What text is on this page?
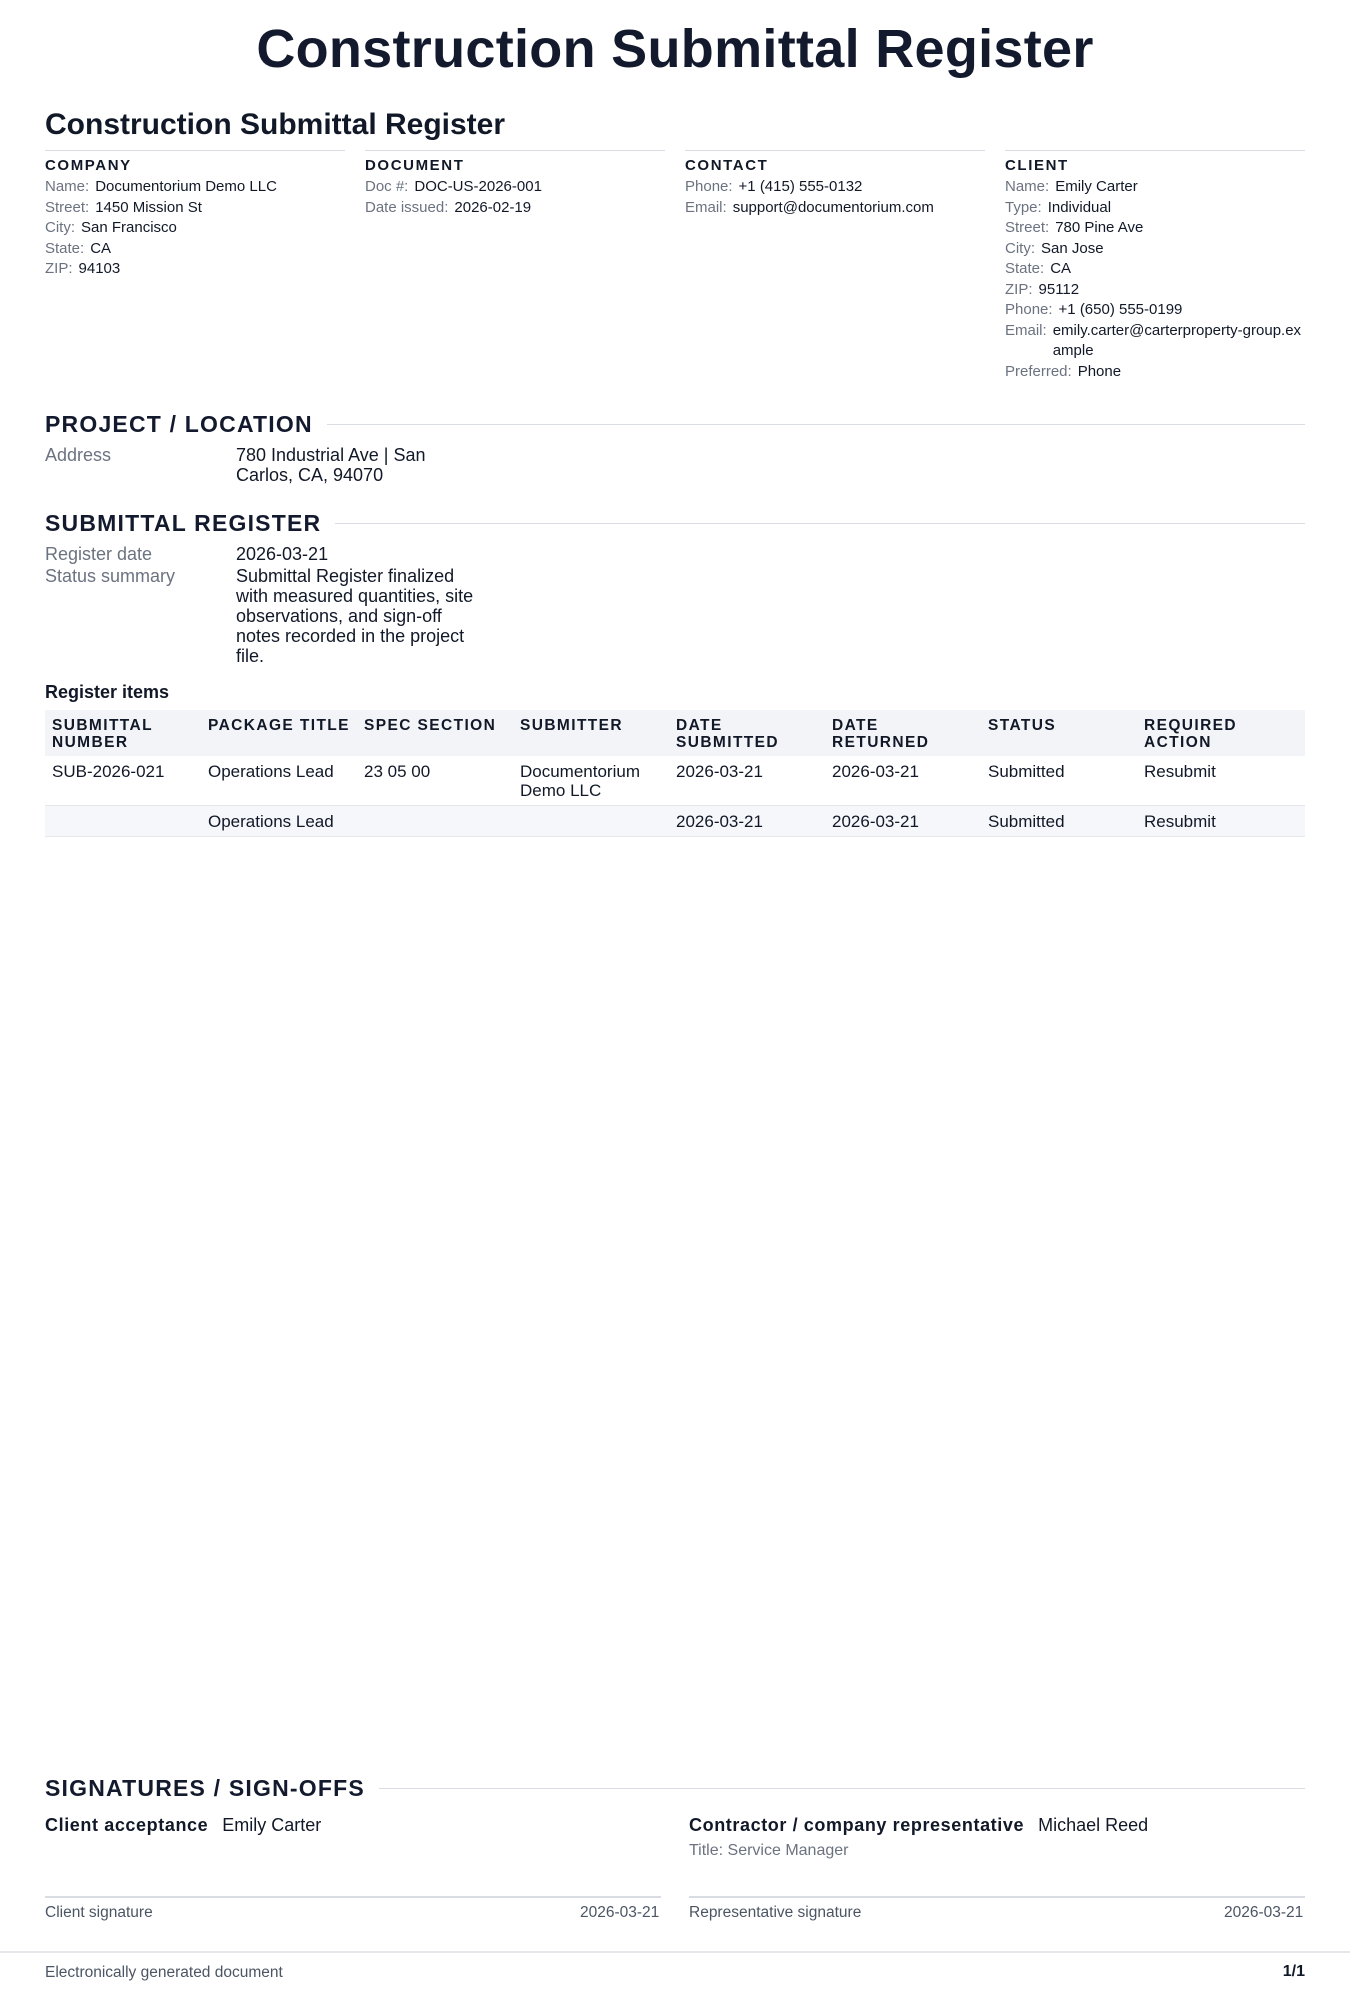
Construction Submittal Register
Construction Submittal Register
COMPANY
Name: Documentorium Demo LLC
Street: 1450 Mission St
City: San Francisco
State: CA
ZIP: 94103
DOCUMENT
Doc #: DOC-US-2026-001
Date issued: 2026-02-19
CONTACT
Phone: +1 (415) 555-0132
Email: support@documentorium.com
CLIENT
Name: Emily Carter
Type: Individual
Street: 780 Pine Ave
City: San Jose
State: CA
ZIP: 95112
Phone: +1 (650) 555-0199
Email: emily.carter@carterproperty-group.example
Preferred: Phone
PROJECT / LOCATION
Address	780 Industrial Ave | San Carlos, CA, 94070
SUBMITTAL REGISTER
Register date	2026-03-21
Status summary	Submittal Register finalized with measured quantities, site observations, and sign-off notes recorded in the project file.
Register items
SUBMITTAL NUMBER	PACKAGE TITLE	SPEC SECTION	SUBMITTER	DATE SUBMITTED	DATE RETURNED	STATUS	REQUIRED ACTION
SUB-2026-021	Operations Lead	23 05 00	Documentorium Demo LLC	2026-03-21	2026-03-21	Submitted	Resubmit
	Operations Lead			2026-03-21	2026-03-21	Submitted	Resubmit
SIGNATURES / SIGN-OFFS
Client acceptance Emily Carter	Contractor / company representative Michael Reed
Title: Service Manager
Client signature	2026-03-21 Representative signature	2026-03-21
Electronically generated document	1/1
